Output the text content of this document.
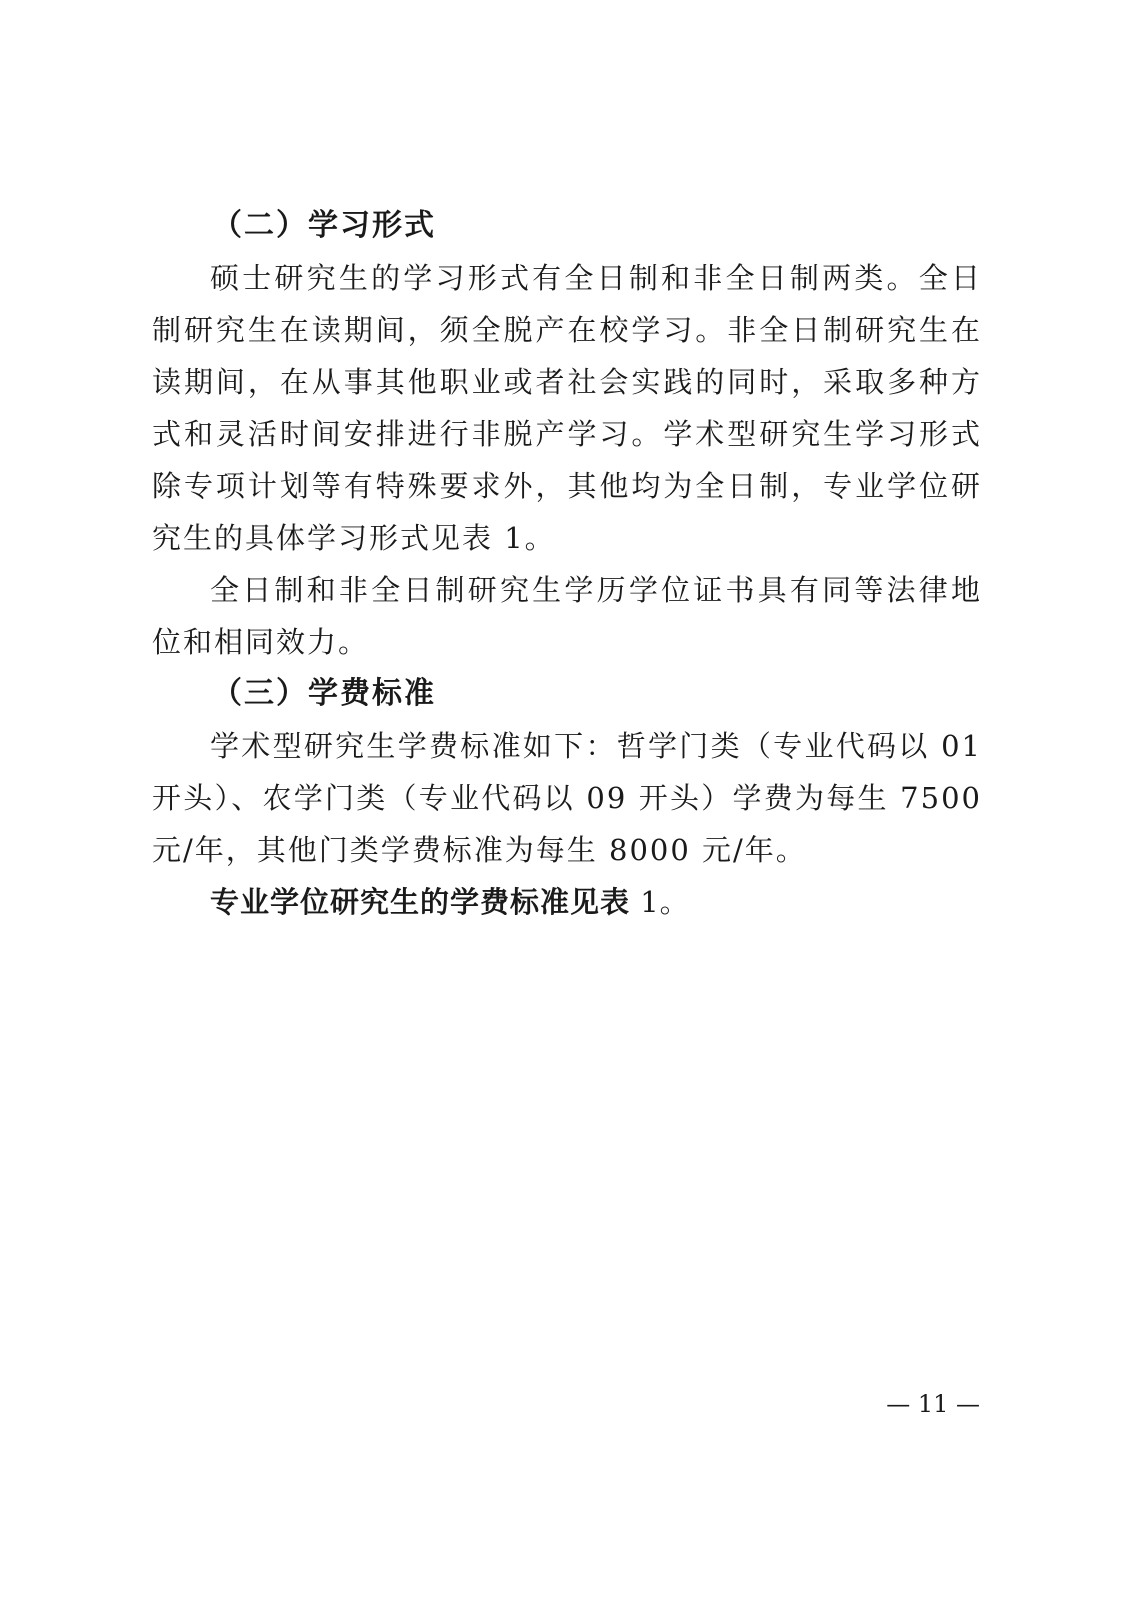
（二）学习形式

硕士研究生的学习形式有全日制和非全日制两类。全日制研究生在读期间，须全脱产在校学习。非全日制研究生在读期间，在从事其他职业或者社会实践的同时，采取多种方式和灵活时间安排进行非脱产学习。学术型研究生学习形式除专项计划等有特殊要求外，其他均为全日制，专业学位研究生的具体学习形式见表 1。

全日制和非全日制研究生学历学位证书具有同等法律地位和相同效力。

（三）学费标准

学术型研究生学费标准如下：哲学门类（专业代码以 01 开头）、农学门类（专业代码以 09 开头）学费为每生 7500 元/年，其他门类学费标准为每生 8000 元/年。

专业学位研究生的学费标准见表 1。
— 11 —
